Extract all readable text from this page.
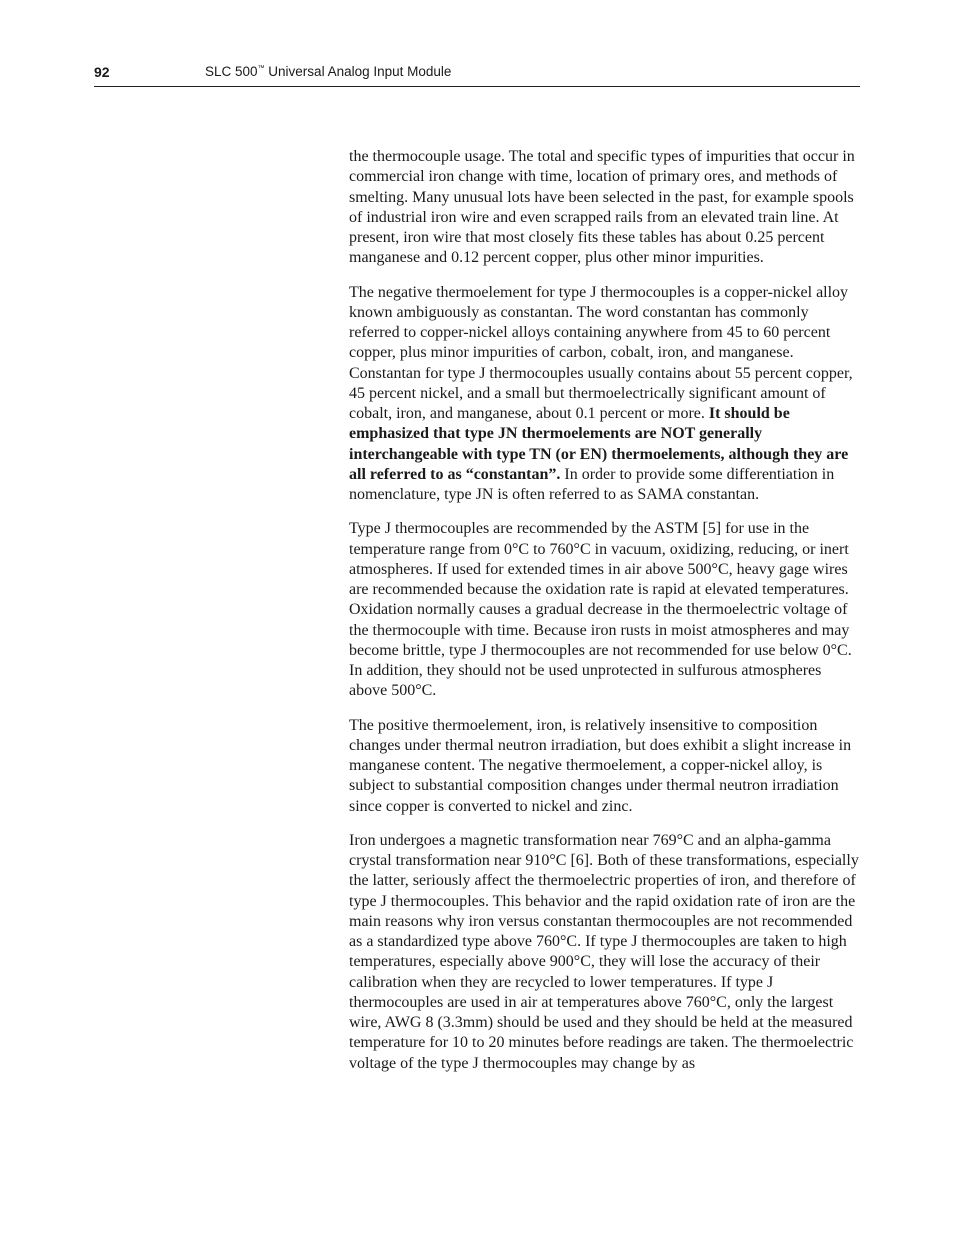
92	SLC 500™ Universal Analog Input Module

the thermocouple usage. The total and specific types of impurities that occur in commercial iron change with time, location of primary ores, and methods of smelting. Many unusual lots have been selected in the past, for example spools of industrial iron wire and even scrapped rails from an elevated train line. At present, iron wire that most closely fits these tables has about 0.25 percent manganese and 0.12 percent copper, plus other minor impurities.

The negative thermoelement for type J thermocouples is a copper-nickel alloy known ambiguously as constantan. The word constantan has commonly referred to copper-nickel alloys containing anywhere from 45 to 60 percent copper, plus minor impurities of carbon, cobalt, iron, and manganese. Constantan for type J thermocouples usually contains about 55 percent copper, 45 percent nickel, and a small but thermoelectrically significant amount of cobalt, iron, and manganese, about 0.1 percent or more. It should be emphasized that type JN thermoelements are NOT generally interchangeable with type TN (or EN) thermoelements, although they are all referred to as “constantan”. In order to provide some differentiation in nomenclature, type JN is often referred to as SAMA constantan.

Type J thermocouples are recommended by the ASTM [5] for use in the temperature range from 0°C to 760°C in vacuum, oxidizing, reducing, or inert atmospheres. If used for extended times in air above 500°C, heavy gage wires are recommended because the oxidation rate is rapid at elevated temperatures. Oxidation normally causes a gradual decrease in the thermoelectric voltage of the thermocouple with time. Because iron rusts in moist atmospheres and may become brittle, type J thermocouples are not recommended for use below 0°C. In addition, they should not be used unprotected in sulfurous atmospheres above 500°C.

The positive thermoelement, iron, is relatively insensitive to composition changes under thermal neutron irradiation, but does exhibit a slight increase in manganese content. The negative thermoelement, a copper-nickel alloy, is subject to substantial composition changes under thermal neutron irradiation since copper is converted to nickel and zinc.

Iron undergoes a magnetic transformation near 769°C and an alpha-gamma crystal transformation near 910°C [6]. Both of these transformations, especially the latter, seriously affect the thermoelectric properties of iron, and therefore of type J thermocouples. This behavior and the rapid oxidation rate of iron are the main reasons why iron versus constantan thermocouples are not recommended as a standardized type above 760°C. If type J thermocouples are taken to high temperatures, especially above 900°C, they will lose the accuracy of their calibration when they are recycled to lower temperatures. If type J thermocouples are used in air at temperatures above 760°C, only the largest wire, AWG 8 (3.3mm) should be used and they should be held at the measured temperature for 10 to 20 minutes before readings are taken. The thermoelectric voltage of the type J thermocouples may change by as
